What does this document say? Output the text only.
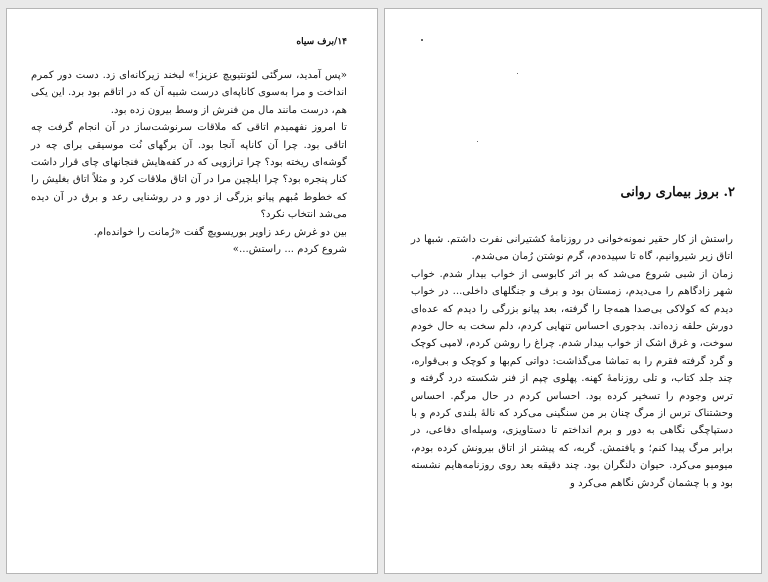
۱۴/برف سیاه

«پس آمدید، سرگئی لئونتیویچ عزیز!» لبخند زیرکانه‌ای زد. دست دور کمرم انداخت و مرا به‌سوی کاناپه‌ای درست شبیه آن که در اتاقم بود برد. این یکی هم، درست مانند مال من فنرش از وسط بیرون زده بود.

تا امروز نفهمیدم اتاقی که ملاقات سرنوشت‌ساز در آن انجام گرفت چه اتاقی بود. چرا آن کاناپه آنجا بود. آن برگهای نُت موسیقی برای چه در گوشه‌ای ریخته بود؟ چرا ترازویی که در کفه‌هایش فنجانهای چای قرار داشت کنار پنجره بود؟ چرا ایلچین مرا در آن اتاق ملاقات کرد و مثلاً اتاق بغلیش را که خطوط مُبهم پیانو بزرگی از دور و در روشنایی رعد و برق در آن دیده می‌شد انتخاب نکرد؟

بین دو غرش رعد زاویر بوریسویچ گفت «رُمانت را خوانده‌ام.

شروع کردم ... راستش...»

۲. بروز بیماری روانی

راستش از کار حقیر نمونه‌خوانی در روزنامهٔ کشتیرانی نفرت داشتم. شبها در اتاق زیر شیروانیم، گاه تا سپیده‌دم، گرم نوشتن رُمان می‌شدم.

زمان از شبی شروع می‌شد که بر اثر کابوسی از خواب بیدار شدم. خواب شهر زادگاهم را می‌دیدم، زمستان بود و برف و جنگلهای داخلی... در خواب دیدم که کولاکی بی‌صدا همه‌جا را گرفته، بعد پیانو بزرگی را دیدم که عده‌ای دورش حلقه زده‌اند. بدجوری احساس تنهایی کردم، دلم سخت به حال خودم سوخت، و غرق اشک از خواب بیدار شدم. چراغ را روشن کردم، لامپی کوچک و گرد گرفته فقرم را به تماشا می‌گذاشت: دواتی کم‌بها و کوچک و بی‌قواره، چند جلد کتاب، و تلی روزنامهٔ کهنه. پهلوی چپم از فنر شکسته درد گرفته و ترس وجودم را تسخیر کرده بود. احساس کردم در حال مرگم. احساس وحشتناک ترس از مرگ چنان بر من سنگینی می‌کرد که نالهٔ بلندی کردم و با دستپاچگی نگاهی به دور و برم انداختم تا دستاویزی، وسیله‌ای دفاعی، در برابر مرگ پیدا کنم؛ و یافتمش. گربه، که پیشتر از اتاق بیرونش کرده بودم، میومیو می‌کرد. حیوان دلنگران بود. چند دقیقه بعد روی روزنامه‌هایم نشسته بود و با چشمان گردش نگاهم می‌کرد و
